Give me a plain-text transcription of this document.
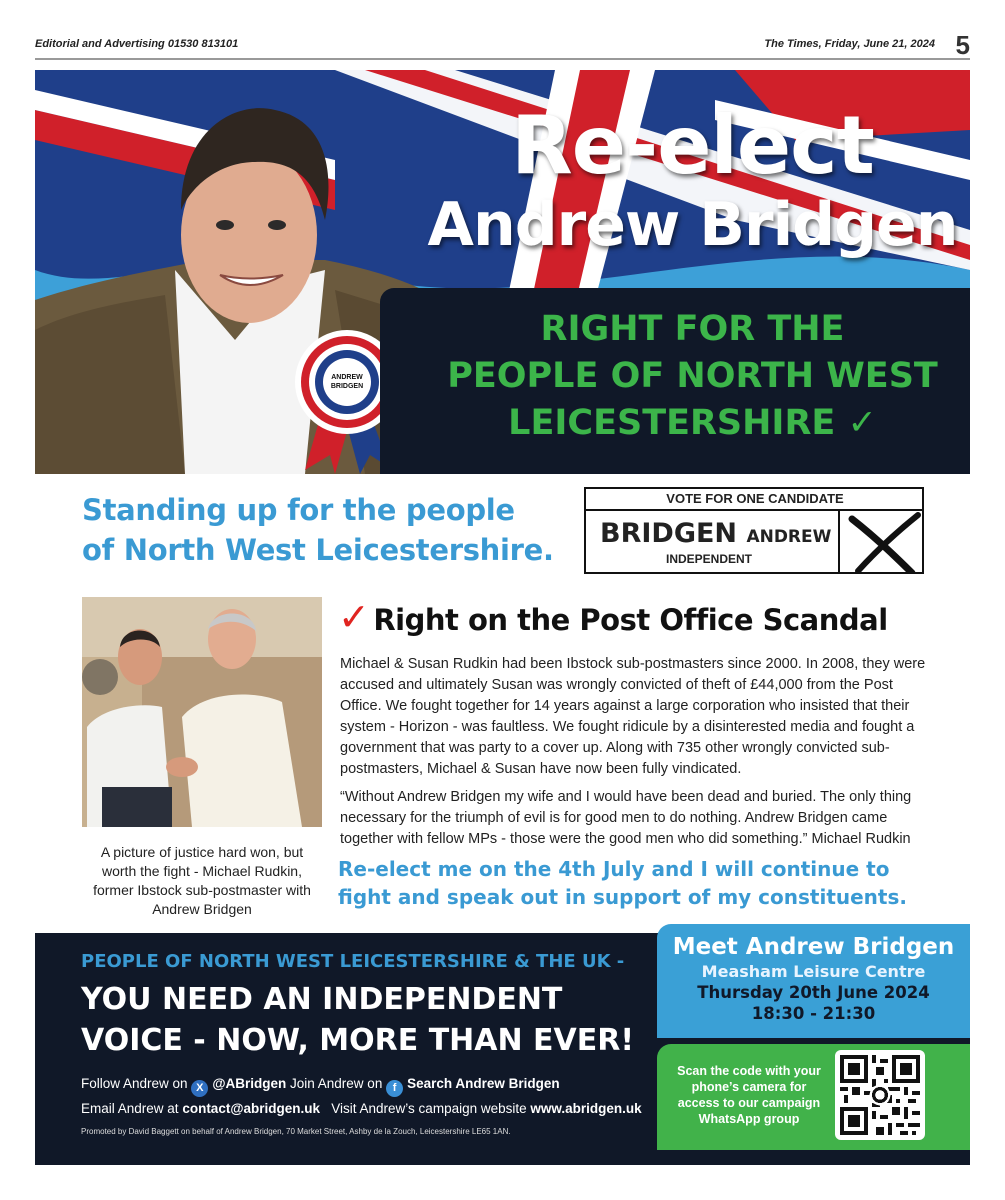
Editorial and Advertising 01530 813101	The Times, Friday, June 21, 2024 5
ANDREW
BRIDGEN
Re-elect
Andrew Bridgen
RIGHT FOR THE
PEOPLE OF NORTH WEST
LEICESTERSHIRE ✓
Standing up for the people
of North West Leicestershire.
VOTE FOR ONE CANDIDATE
BRIDGEN ANDREW
INDEPENDENT
A picture of justice hard won, but worth the fight - Michael Rudkin, former Ibstock sub-postmaster with Andrew Bridgen
✓ Right on the Post Office Scandal

Michael & Susan Rudkin had been Ibstock sub-postmasters since 2000. In 2008, they were accused and ultimately Susan was wrongly convicted of theft of £44,000 from the Post Office. We fought together for 14 years against a large corporation who insisted that their system - Horizon - was faultless. We fought ridicule by a disinterested media and fought a government that was party to a cover up. Along with 735 other wrongly convicted sub-postmasters, Michael & Susan have now been fully vindicated.

“Without Andrew Bridgen my wife and I would have been dead and buried. The only thing necessary for the triumph of evil is for good men to do nothing. Andrew Bridgen came together with fellow MPs - those were the good men who did something.” Michael Rudkin

Re-elect me on the 4th July and I will continue to fight and speak out in support of my constituents.

PEOPLE OF NORTH WEST LEICESTERSHIRE & THE UK -
YOU NEED AN INDEPENDENT
VOICE - NOW, MORE THAN EVER!
Follow Andrew on X @ABridgen Join Andrew on f Search Andrew Bridgen
Email Andrew at contact@abridgen.uk Visit Andrew’s campaign website www.abridgen.uk
Promoted by David Baggett on behalf of Andrew Bridgen, 70 Market Street, Ashby de la Zouch, Leicestershire LE65 1AN.
Meet Andrew Bridgen
Measham Leisure Centre
Thursday 20th June 2024
18:30 - 21:30
Scan the code with your phone’s camera for access to our campaign WhatsApp group
